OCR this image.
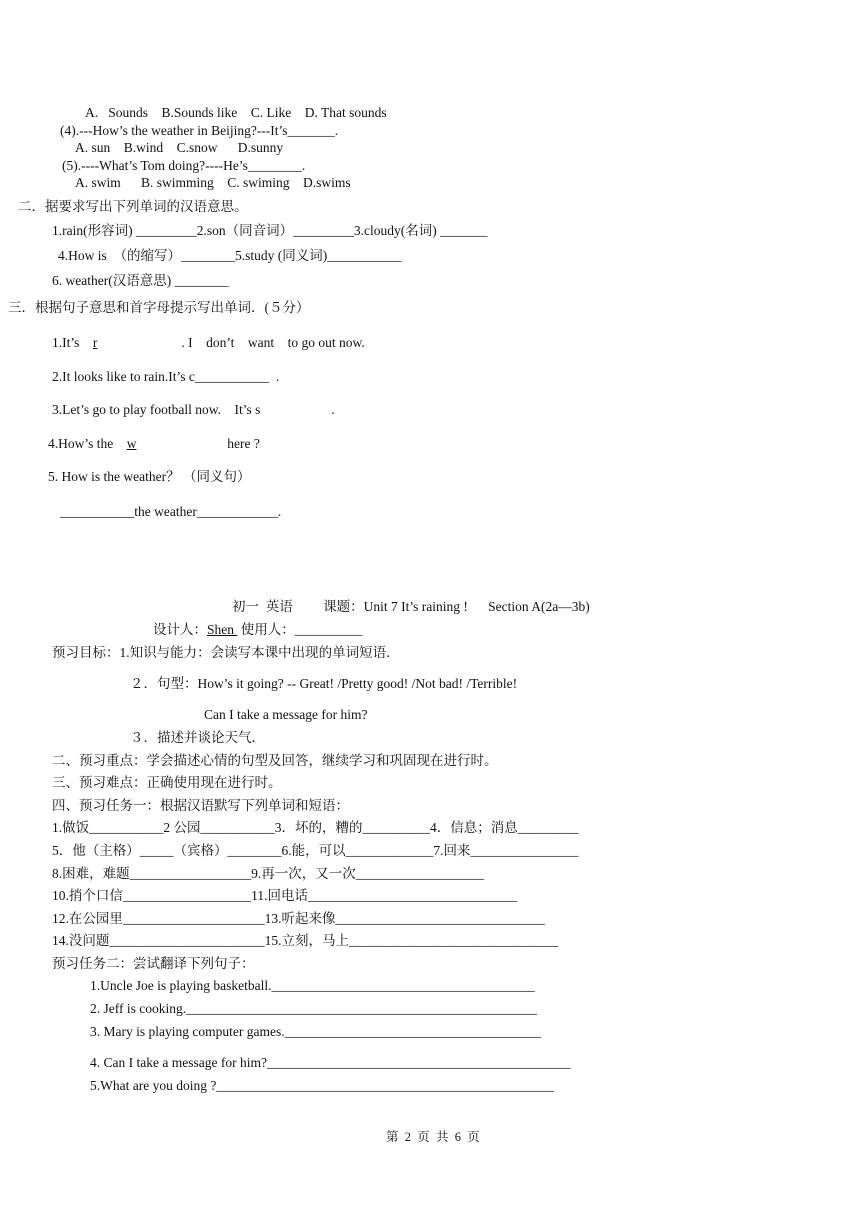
A.   Sounds    B.Sounds like    C. Like    D. That sounds
(4).---How’s the weather in Beijing?---It’s_______.
A. sun    B.wind    C.snow      D.sunny
(5).----What’s Tom doing?----He’s________.
A. swim      B. swimming    C. swiming    D.swims
二．据要求写出下列单词的汉语意思。
1.rain(形容词) _________2.son（同音词）_________3.cloudy(名词) _______
4.How is  （的缩写）________5.study (同义词)___________
6. weather(汉语意思) ________
三．根据句子意思和首字母提示写出单词．(５分）
1.It’s    r	. I    don’t    want    to go out now.
2.It looks like to rain.It’s c___________  .
3.Let’s go to play football now.    It’s s                     .
4.How’s the    w	here ?
5. How is the weather？ （同义句）
___________the weather____________.
初一  英语         课题：Unit 7 It’s raining !      Section A(2a—3b)
设计人：Shen  使用人：__________
预习目标：1.知识与能力：会读写本课中出现的单词短语．
２．句型：How’s it going? -- Great! /Pretty good! /Not bad! /Terrible!
Can I take a message for him?
３．描述并谈论天气．
二、预习重点：学会描述心情的句型及回答，继续学习和巩固现在进行时。
三、预习难点：正确使用现在进行时。
四、预习任务一：根据汉语默写下列单词和短语：
1.做饭___________2 公园___________3．坏的，糟的__________4．信息；消息_________
5．他（主格）_____（宾格）________6.能，可以_____________7.回来________________
8.困难，难题__________________9.再一次，又一次___________________
10.捎个口信___________________11.回电话_______________________________
12.在公园里_____________________13.听起来像_______________________________
14.没问题_______________________15.立刻，马上_______________________________
预习任务二：尝试翻译下列句子：
1.Uncle Joe is playing basketball._______________________________________
2. Jeff is cooking.____________________________________________________
3. Mary is playing computer games.______________________________________
4. Can I take a message for him?_____________________________________________
5.What are you doing ?__________________________________________________
第  2  页  共  6  页
